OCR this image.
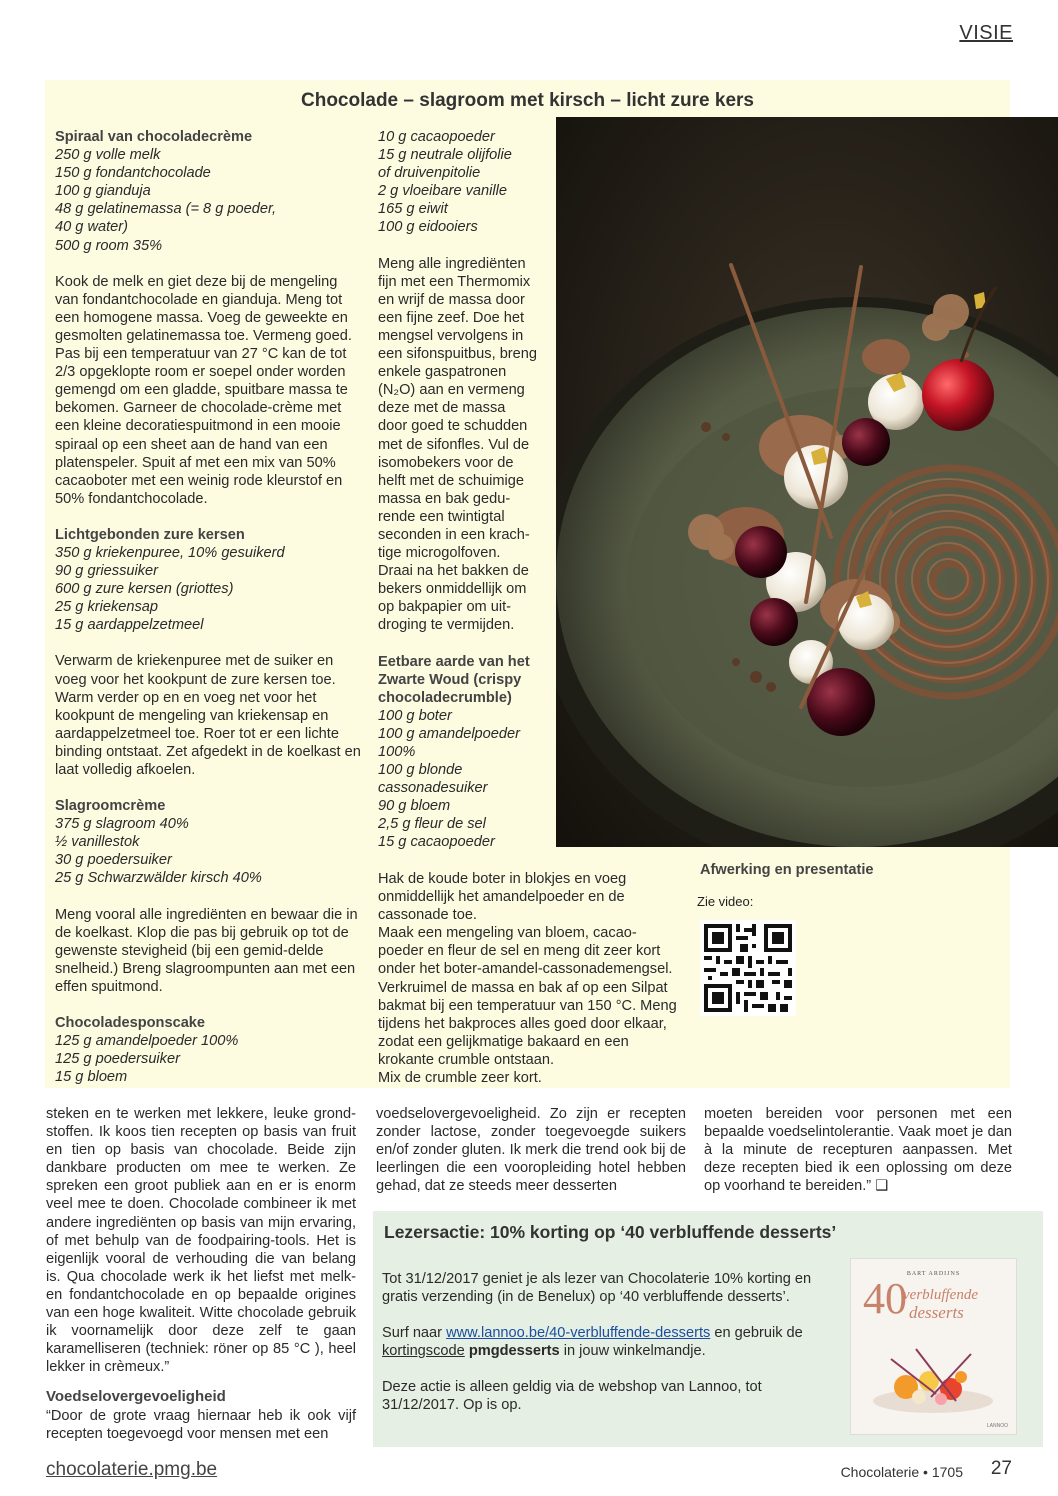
VISIE
Chocolade – slagroom met kirsch – licht zure kers
Spiraal van chocoladecrème
250 g volle melk
150 g fondantchocolade
100 g gianduja
48 g gelatinemassa (= 8 g poeder,
40 g water)
500 g room 35%

Kook de melk en giet deze bij de mengeling van fondantchocolade en gianduja. Meng tot een homogene massa. Voeg de geweekte en gesmolten gelatinemassa toe. Vermeng goed. Pas bij een temperatuur van 27 °C kan de tot 2/3 opgeklopte room er soepel onder worden gemengd om een gladde, spuitbare massa te bekomen. Garneer de chocolade-crème met een kleine decoratiespuitmond in een mooie spiraal op een sheet aan de hand van een platenspeler. Spuit af met een mix van 50% cacaoboter met een weinig rode kleurstof en 50% fondantchocolade.

Lichtgebonden zure kersen
350 g kriekenpuree, 10% gesuikerd
90 g griessuiker
600 g zure kersen (griottes)
25 g kriekensap
15 g aardappelzetmeel

Verwarm de kriekenpuree met de suiker en voeg voor het kookpunt de zure kersen toe. Warm verder op en en voeg net voor het kookpunt de mengeling van kriekensap en aardappelzetmeel toe. Roer tot er een lichte binding ontstaat. Zet afgedekt in de koelkast en laat volledig afkoelen.

Slagroomcrème
375 g slagroom 40%
½ vanillestok
30 g poedersuiker
25 g Schwarzwälder kirsch 40%

Meng vooral alle ingrediënten en bewaar die in de koelkast. Klop die pas bij gebruik op tot de gewenste stevigheid (bij een gemid-delde snelheid.) Breng slagroompunten aan met een effen spuitmond.

Chocoladesponscake
125 g amandelpoeder 100%
125 g poedersuiker
15 g bloem
10 g cacaopoeder
15 g neutrale olijfolie
of druivenpitolie
2 g vloeibare vanille
165 g eiwit
100 g eidooiers

Meng alle ingrediënten fijn met een Thermomix en wrijf de massa door een fijne zeef. Doe het mengsel vervolgens in een sifonspuitbus, breng enkele gaspatronen (N₂O) aan en vermeng deze met de massa door goed te schudden met de sifonfles. Vul de isomobekers voor de helft met de schuimige massa en bak gedu-rende een twintigtal seconden in een krach-tige microgolfoven. Draai na het bakken de bekers onmiddellijk om op bakpapier om uit-droging te vermijden.

Eetbare aarde van het Zwarte Woud (crispy chocoladecrumble)
100 g boter
100 g amandelpoeder
100%
100 g blonde
cassonadesuiker
90 g bloem
2,5 g fleur de sel
15 g cacaopoeder

Hak de koude boter in blokjes en voeg onmiddellijk het amandelpoeder en de cassonade toe.
Maak een mengeling van bloem, cacao-poeder en fleur de sel en meng dit zeer kort onder het boter-amandel-cassonademengsel. Verkruimel de massa en bak af op een Silpat bakmat bij een temperatuur van 150 °C. Meng tijdens het bakproces alles goed door elkaar, zodat een gelijkmatige bakaard en een krokante crumble ontstaan.
Mix de crumble zeer kort.

Afwerking en presentatie
Zie video:

steken en te werken met lekkere, leuke grond-stoffen. Ik koos tien recepten op basis van fruit en tien op basis van chocolade. Beide zijn dankbare producten om mee te werken. Ze spreken een groot publiek aan en er is enorm veel mee te doen. Chocolade combineer ik met andere ingrediënten op basis van mijn ervaring, of met behulp van de foodpairing-tools. Het is eigenlijk vooral de verhouding die van belang is. Qua chocolade werk ik het liefst met melk- en fondantchocolade en op bepaalde origines van een hoge kwaliteit. Witte chocolade gebruik ik voornamelijk door deze zelf te gaan karamelliseren (techniek: röner op 85 °C ), heel lekker in crèmeux.”

Voedselovergevoeligheid

“Door de grote vraag hiernaar heb ik ook vijf recepten toegevoegd voor mensen met een

voedselovergevoeligheid. Zo zijn er recepten zonder lactose, zonder toegevoegde suikers en/of zonder gluten. Ik merk die trend ook bij de leerlingen die een vooropleiding hotel hebben gehad, dat ze steeds meer desserten

moeten bereiden voor personen met een bepaalde voedselintolerantie. Vaak moet je dan à la minute de recepturen aanpassen. Met deze recepten bied ik een oplossing om deze op voorhand te bereiden.” ❑

Lezersactie: 10% korting op ‘40 verbluffende desserts’

Tot 31/12/2017 geniet je als lezer van Chocolaterie 10% korting en gratis verzending (in de Benelux) op ‘40 verbluffende desserts’.

Surf naar www.lannoo.be/40-verbluffende-desserts en gebruik de kortingscode pmgdesserts in jouw winkelmandje.

Deze actie is alleen geldig via de webshop van Lannoo, tot 31/12/2017. Op is op.

BART ARDIJNS
40
verbluffende
desserts
LANNOO
chocolaterie.pmg.be	Chocolaterie • 1705	27
